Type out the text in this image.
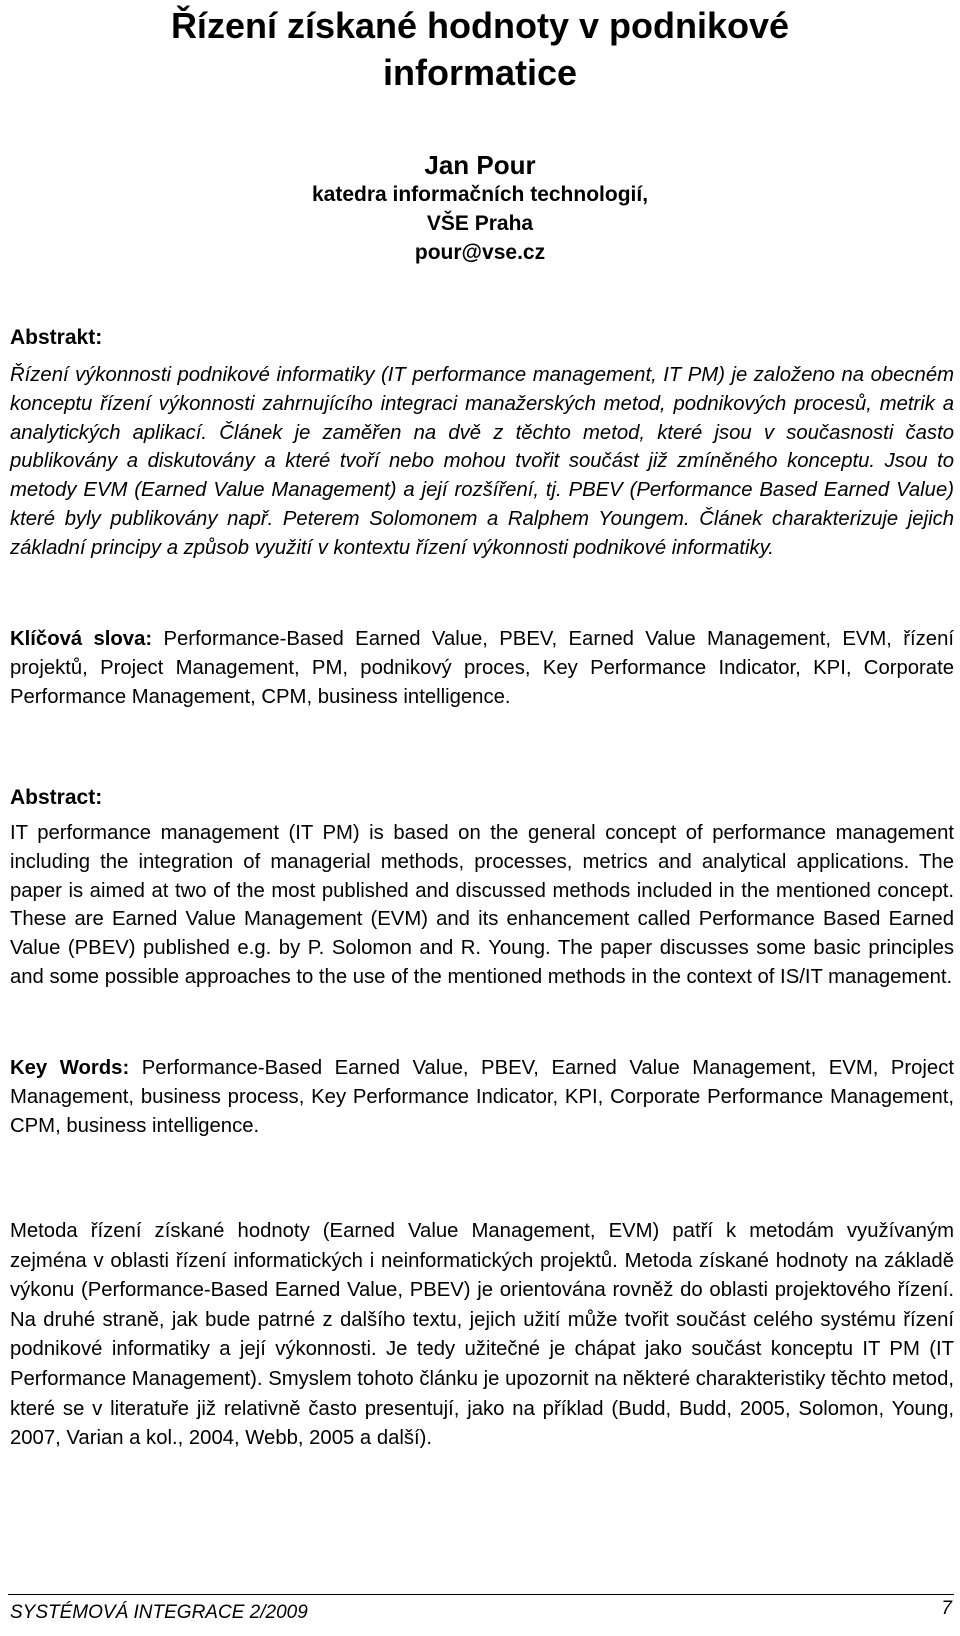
Řízení získané hodnoty v podnikové informatice
Jan Pour
katedra informačních technologií,
VŠE Praha
pour@vse.cz
Abstrakt:

Řízení výkonnosti podnikové informatiky (IT performance management, IT PM) je založeno na obecném konceptu řízení výkonnosti zahrnujícího integraci manažerských metod, podnikových procesů, metrik a analytických aplikací. Článek je zaměřen na dvě z těchto metod, které jsou v současnosti často publikovány a diskutovány a které tvoří nebo mohou tvořit součást již zmíněného konceptu. Jsou to metody EVM (Earned Value Management) a její rozšíření, tj. PBEV (Performance Based Earned Value) které byly publikovány např. Peterem Solomonem a Ralphem Youngem. Článek charakterizuje jejich základní principy a způsob využití v kontextu řízení výkonnosti podnikové informatiky.

Klíčová slova: Performance-Based Earned Value, PBEV, Earned Value Management, EVM, řízení projektů, Project Management, PM, podnikový proces, Key Performance Indicator, KPI, Corporate Performance Management, CPM, business intelligence.

Abstract:

IT performance management (IT PM) is based on the general concept of performance management including the integration of managerial methods, processes, metrics and analytical applications. The paper is aimed at two of the most published and discussed methods included in the mentioned concept. These are Earned Value Management (EVM) and its enhancement called Performance Based Earned Value (PBEV) published e.g. by P. Solomon and R. Young. The paper discusses some basic principles and some possible approaches to the use of the mentioned methods in the context of IS/IT management.

Key Words: Performance-Based Earned Value, PBEV, Earned Value Management, EVM, Project Management, business process, Key Performance Indicator, KPI, Corporate Performance Management, CPM, business intelligence.

Metoda řízení získané hodnoty (Earned Value Management, EVM) patří k metodám využívaným zejména v oblasti řízení informatických i neinformatických projektů. Metoda získané hodnoty na základě výkonu (Performance-Based Earned Value, PBEV) je orientována rovněž do oblasti projektového řízení. Na druhé straně, jak bude patrné z dalšího textu, jejich užití může tvořit součást celého systému řízení podnikové informatiky a její výkonnosti. Je tedy užitečné je chápat jako součást konceptu IT PM (IT Performance Management). Smyslem tohoto článku je upozornit na některé charakteristiky těchto metod, které se v literatuře již relativně často presentují, jako na příklad (Budd, Budd, 2005, Solomon, Young, 2007, Varian a kol., 2004, Webb, 2005 a další).

SYSTÉMOVÁ INTEGRACE 2/2009	7
